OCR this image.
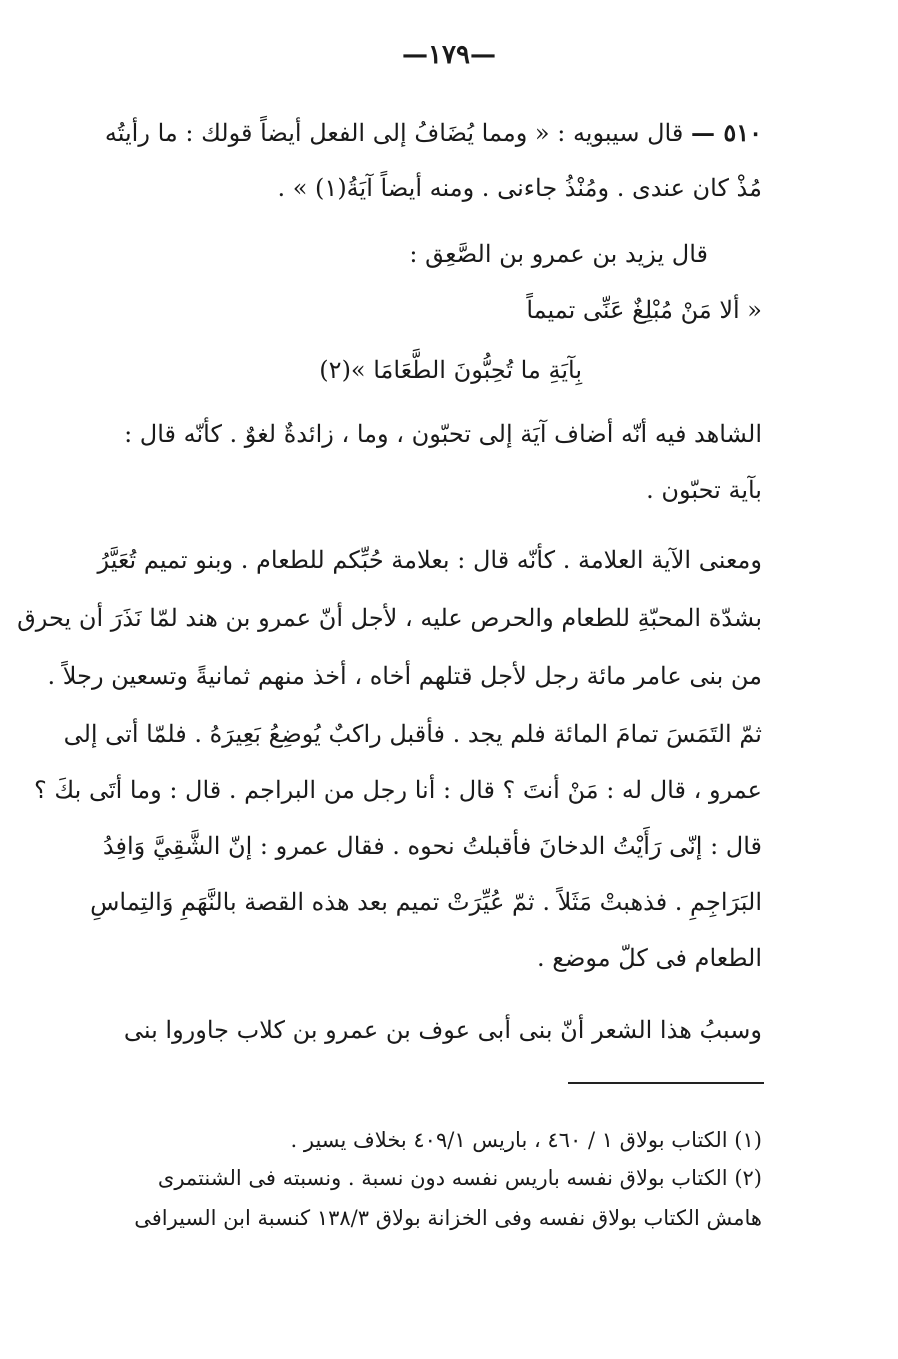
—١٧٩—
٥١٠ — قال سيبويه : « ومما يُضَافُ إلى الفعل أيضاً قولك : ما رأيتُه
مُذْ كان عندى . ومُنْذُ جاءنى . ومنه أيضاً آيَةُ(١) » .
قال يزيد بن عمرو بن الصَّعِق :
« ألا مَنْ مُبْلِغٌ عَنِّى تميماً
بِآيَةِ ما تُحِبُّونَ الطَّعَامَا »(٢)
الشاهد فيه أنّه أضاف آيَة إلى تحبّون ، وما ، زائدةٌ لغوٌ . كأنّه قال :
بآية تحبّون .
ومعنى الآية العلامة . كأنّه قال : بعلامة حُبِّكم للطعام . وبنو تميم تُعَيَّرُ
بشدّة المحبّةِ للطعام والحرص عليه ، لأجل أنّ عمرو بن هند لمّا نَذَرَ أن يحرق
من بنى عامر مائة رجل لأجل قتلهم أخاه ، أخذ منهم ثمانيةً وتسعين رجلاً .
ثمّ التَمَسَ تمامَ المائة فلم يجد . فأقبل راكبٌ يُوضِعُ بَعِيرَهُ . فلمّا أتى إلى
عمرو ، قال له : مَنْ أنتَ ؟ قال : أنا رجل من البراجم . قال : وما أتَى بكَ ؟
قال : إنّى رَأَيْتُ الدخانَ فأقبلتُ نحوه . فقال عمرو : إنّ الشَّقِيَّ وَافِدُ
البَرَاجِمِ . فذهبتْ مَثَلاً . ثمّ عُيِّرَتْ تميم بعد هذه القصة بالنَّهَمِ وَالتِماسِ
الطعام فى كلّ موضع .
وسببُ هذا الشعر أنّ بنى أبى عوف بن عمرو بن كلاب جاوروا بنى
(١) الكتاب بولاق ١ / ٤٦٠ ، باريس ٤٠٩/١ بخلاف يسير .
(٢) الكتاب بولاق نفسه باريس نفسه دون نسبة . ونسبته فى الشنتمرى
هامش الكتاب بولاق نفسه وفى الخزانة بولاق ١٣٨/٣ كنسبة ابن السيرافى
